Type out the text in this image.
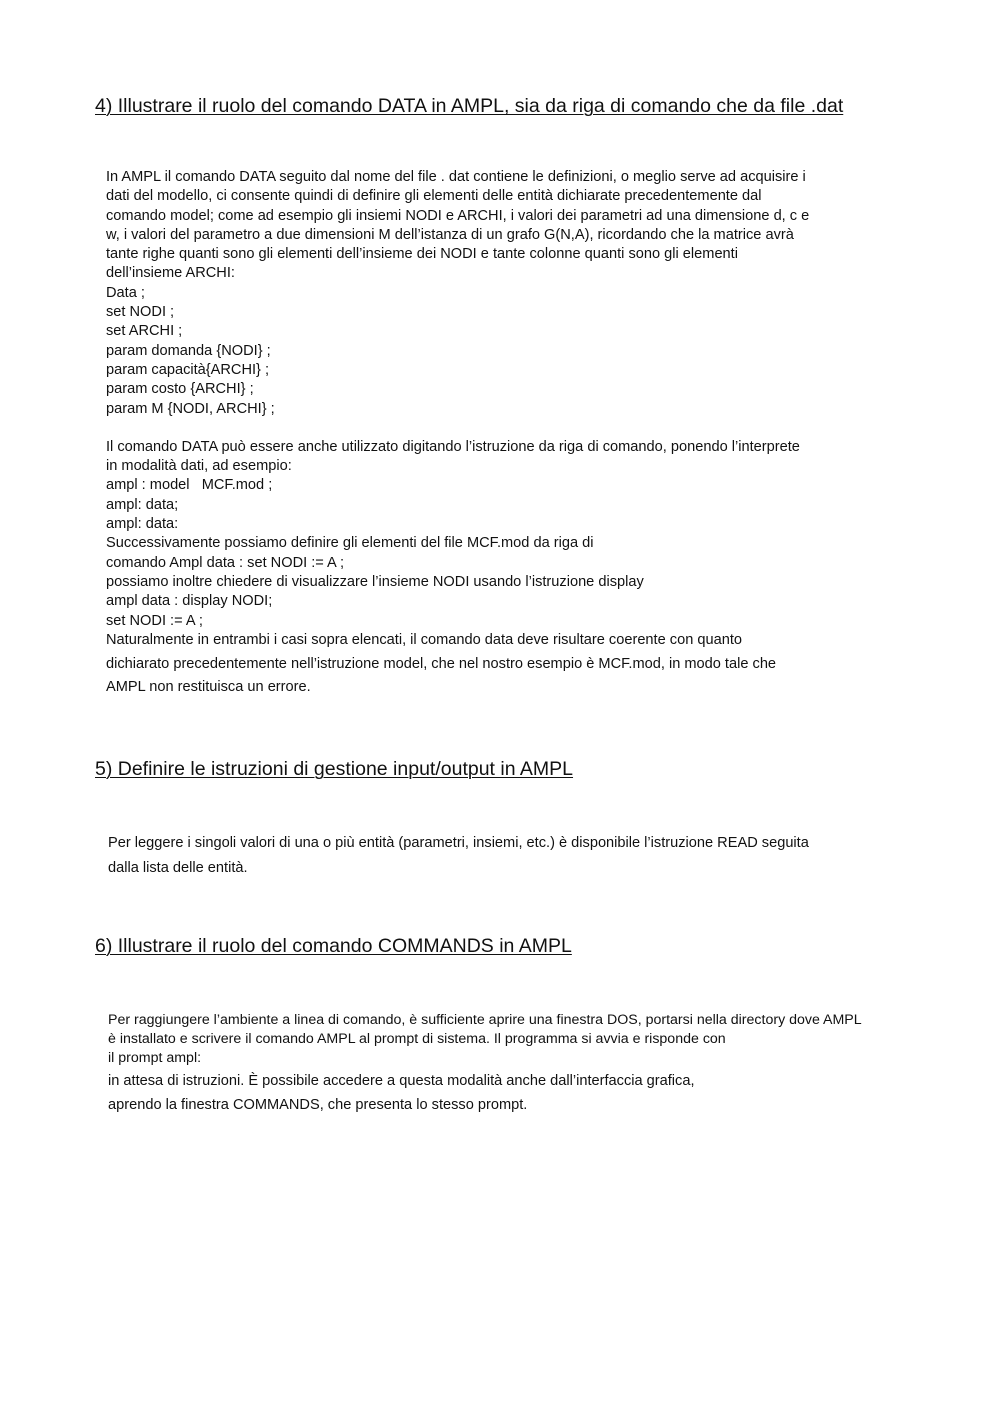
4) Illustrare il ruolo del comando DATA in AMPL, sia da riga di comando che da file .dat
In AMPL il comando DATA seguito dal nome del file . dat contiene le definizioni, o meglio serve ad acquisire i
dati del modello, ci consente quindi di definire gli elementi delle entità dichiarate precedentemente dal
comando model; come ad esempio gli insiemi NODI e ARCHI, i valori dei parametri ad una dimensione d, c e
w, i valori del parametro a due dimensioni M dell’istanza di un grafo G(N,A), ricordando che la matrice avrà
tante righe quanti sono gli elementi dell’insieme dei NODI e tante colonne quanti sono gli elementi
dell’insieme ARCHI:
Data ;
set NODI ;
set ARCHI ;
param domanda {NODI} ;
param capacità{ARCHI} ;
param costo {ARCHI} ;
param M {NODI, ARCHI} ;
Il comando DATA può essere anche utilizzato digitando l’istruzione da riga di comando, ponendo l’interprete
in modalità dati, ad esempio:
ampl : model   MCF.mod ;
ampl: data;
ampl: data:
Successivamente possiamo definire gli elementi del file MCF.mod da riga di
comando Ampl data : set NODI := A ;
possiamo inoltre chiedere di visualizzare l’insieme NODI usando l’istruzione display
ampl data : display NODI;
set NODI := A ;
Naturalmente in entrambi i casi sopra elencati, il comando data deve risultare coerente con quanto
dichiarato precedentemente nell’istruzione model, che nel nostro esempio è MCF.mod, in modo tale che
AMPL non restituisca un errore.
5) Definire le istruzioni di gestione input/output in AMPL
Per leggere i singoli valori di una o più entità (parametri, insiemi, etc.) è disponibile l’istruzione READ seguita
dalla lista delle entità.
6) Illustrare il ruolo del comando COMMANDS in AMPL
Per raggiungere l’ambiente a linea di comando, è sufficiente aprire una finestra DOS, portarsi nella directory dove AMPL
è installato e scrivere il comando AMPL al prompt di sistema. Il programma si avvia e risponde con
il prompt ampl:
in attesa di istruzioni. È possibile accedere a questa modalità anche dall’interfaccia grafica,
aprendo la finestra COMMANDS, che presenta lo stesso prompt.
